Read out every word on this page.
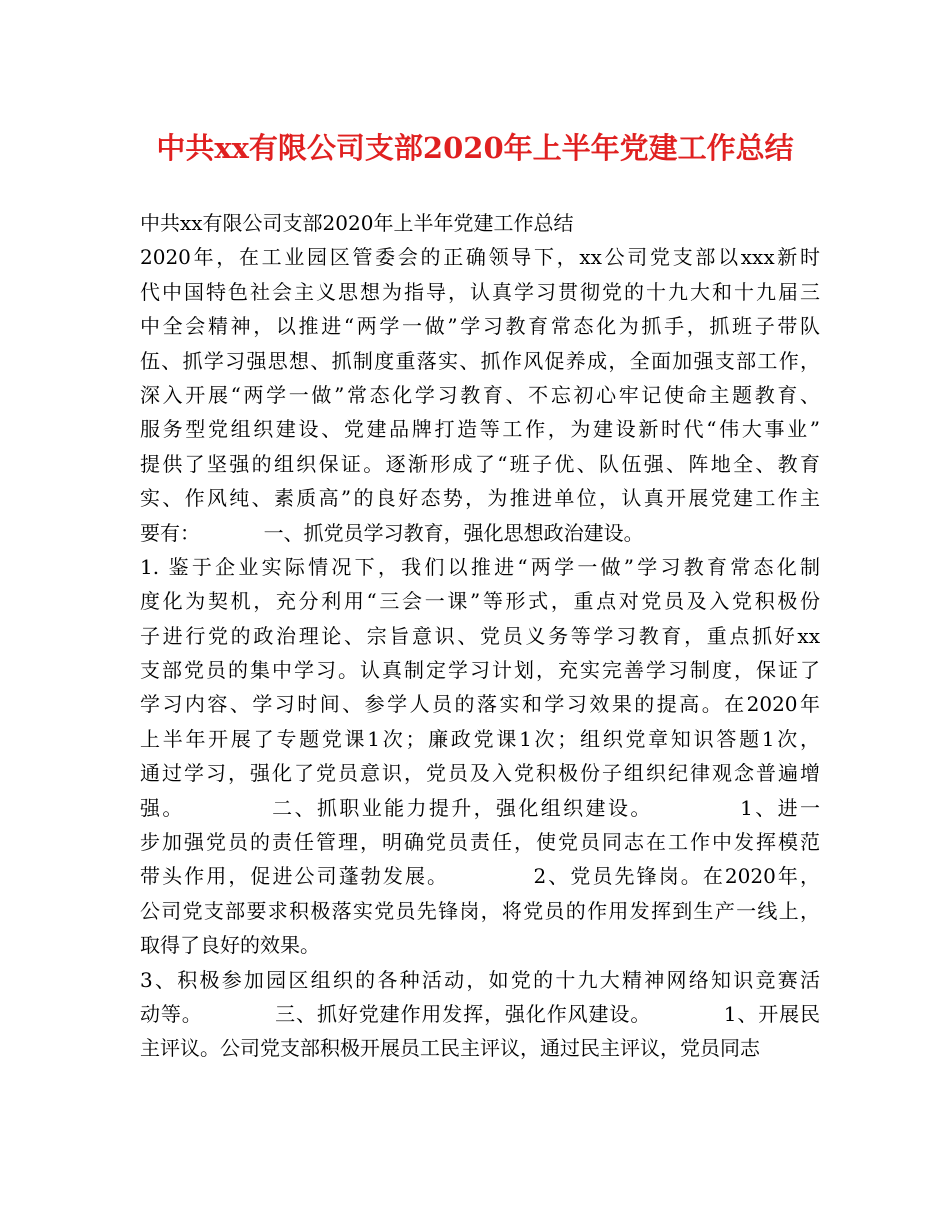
中共xx有限公司支部2020年上半年党建工作总结
中共xx有限公司支部2020年上半年党建工作总结
2020年，在工业园区管委会的正确领导下，xx公司党支部以xxx新时
代中国特色社会主义思想为指导，认真学习贯彻党的十九大和十九届三
中全会精神，以推进“两学一做”学习教育常态化为抓手，抓班子带队
伍、抓学习强思想、抓制度重落实、抓作风促养成，全面加强支部工作，
深入开展“两学一做”常态化学习教育、不忘初心牢记使命主题教育、
服务型党组织建设、党建品牌打造等工作，为建设新时代“伟大事业”
提供了坚强的组织保证。逐渐形成了“班子优、队伍强、阵地全、教育
实、作风纯、素质高”的良好态势，为推进单位，认真开展党建工作主
要有：          一、抓党员学习教育，强化思想政治建设。
1. 鉴于企业实际情况下，我们以推进“两学一做”学习教育常态化制
度化为契机，充分利用“三会一课”等形式，重点对党员及入党积极份
子进行党的政治理论、宗旨意识、党员义务等学习教育，重点抓好xx
支部党员的集中学习。认真制定学习计划，充实完善学习制度，保证了
学习内容、学习时间、参学人员的落实和学习效果的提高。在2020年
上半年开展了专题党课1次；廉政党课1次；组织党章知识答题1次，
通过学习，强化了党员意识，党员及入党积极份子组织纪律观念普遍增
强。          二、抓职业能力提升，强化组织建设。          1、进一
步加强党员的责任管理，明确党员责任，使党员同志在工作中发挥模范
带头作用，促进公司蓬勃发展。          2、党员先锋岗。在2020年，
公司党支部要求积极落实党员先锋岗，将党员的作用发挥到生产一线上，
取得了良好的效果。
3、积极参加园区组织的各种活动，如党的十九大精神网络知识竞赛活
动等。          三、抓好党建作用发挥，强化作风建设。          1、开展民
主评议。公司党支部积极开展员工民主评议，通过民主评议，党员同志
